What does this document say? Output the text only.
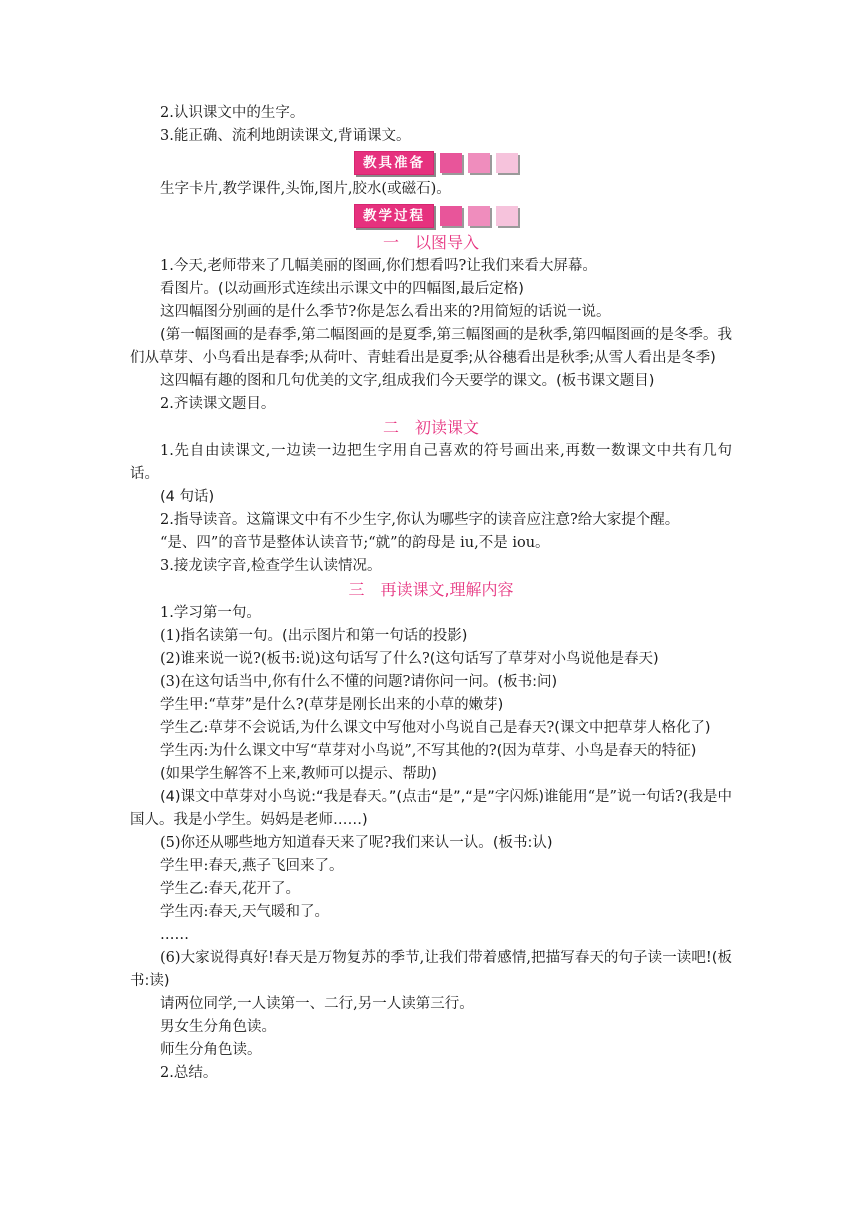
2.认识课文中的生字。
3.能正确、流利地朗读课文,背诵课文。
教具准备
生字卡片,教学课件,头饰,图片,胶水(或磁石)。
教学过程
一　以图导入
1.今天,老师带来了几幅美丽的图画,你们想看吗?让我们来看大屏幕。
看图片。(以动画形式连续出示课文中的四幅图,最后定格)
这四幅图分别画的是什么季节?你是怎么看出来的?用简短的话说一说。
(第一幅图画的是春季,第二幅图画的是夏季,第三幅图画的是秋季,第四幅图画的是冬季。我们从草芽、小鸟看出是春季;从荷叶、青蛙看出是夏季;从谷穗看出是秋季;从雪人看出是冬季)
这四幅有趣的图和几句优美的文字,组成我们今天要学的课文。(板书课文题目)
2.齐读课文题目。
二　初读课文
1.先自由读课文,一边读一边把生字用自己喜欢的符号画出来,再数一数课文中共有几句话。
(4 句话)
2.指导读音。这篇课文中有不少生字,你认为哪些字的读音应注意?给大家提个醒。
“是、四”的音节是整体认读音节;“就”的韵母是 iu,不是 iou。
3.接龙读字音,检查学生认读情况。
三　再读课文,理解内容
1.学习第一句。
(1)指名读第一句。(出示图片和第一句话的投影)
(2)谁来说一说?(板书:说)这句话写了什么?(这句话写了草芽对小鸟说他是春天)
(3)在这句话当中,你有什么不懂的问题?请你问一问。(板书:问)
学生甲:“草芽”是什么?(草芽是刚长出来的小草的嫩芽)
学生乙:草芽不会说话,为什么课文中写他对小鸟说自己是春天?(课文中把草芽人格化了)
学生丙:为什么课文中写“草芽对小鸟说”,不写其他的?(因为草芽、小鸟是春天的特征)
(如果学生解答不上来,教师可以提示、帮助)
(4)课文中草芽对小鸟说:“我是春天。”(点击“是”,“是”字闪烁)谁能用“是”说一句话?(我是中国人。我是小学生。妈妈是老师……)
(5)你还从哪些地方知道春天来了呢?我们来认一认。(板书:认)
学生甲:春天,燕子飞回来了。
学生乙:春天,花开了。
学生丙:春天,天气暖和了。
……
(6)大家说得真好!春天是万物复苏的季节,让我们带着感情,把描写春天的句子读一读吧!(板书:读)
请两位同学,一人读第一、二行,另一人读第三行。
男女生分角色读。
师生分角色读。
2.总结。
